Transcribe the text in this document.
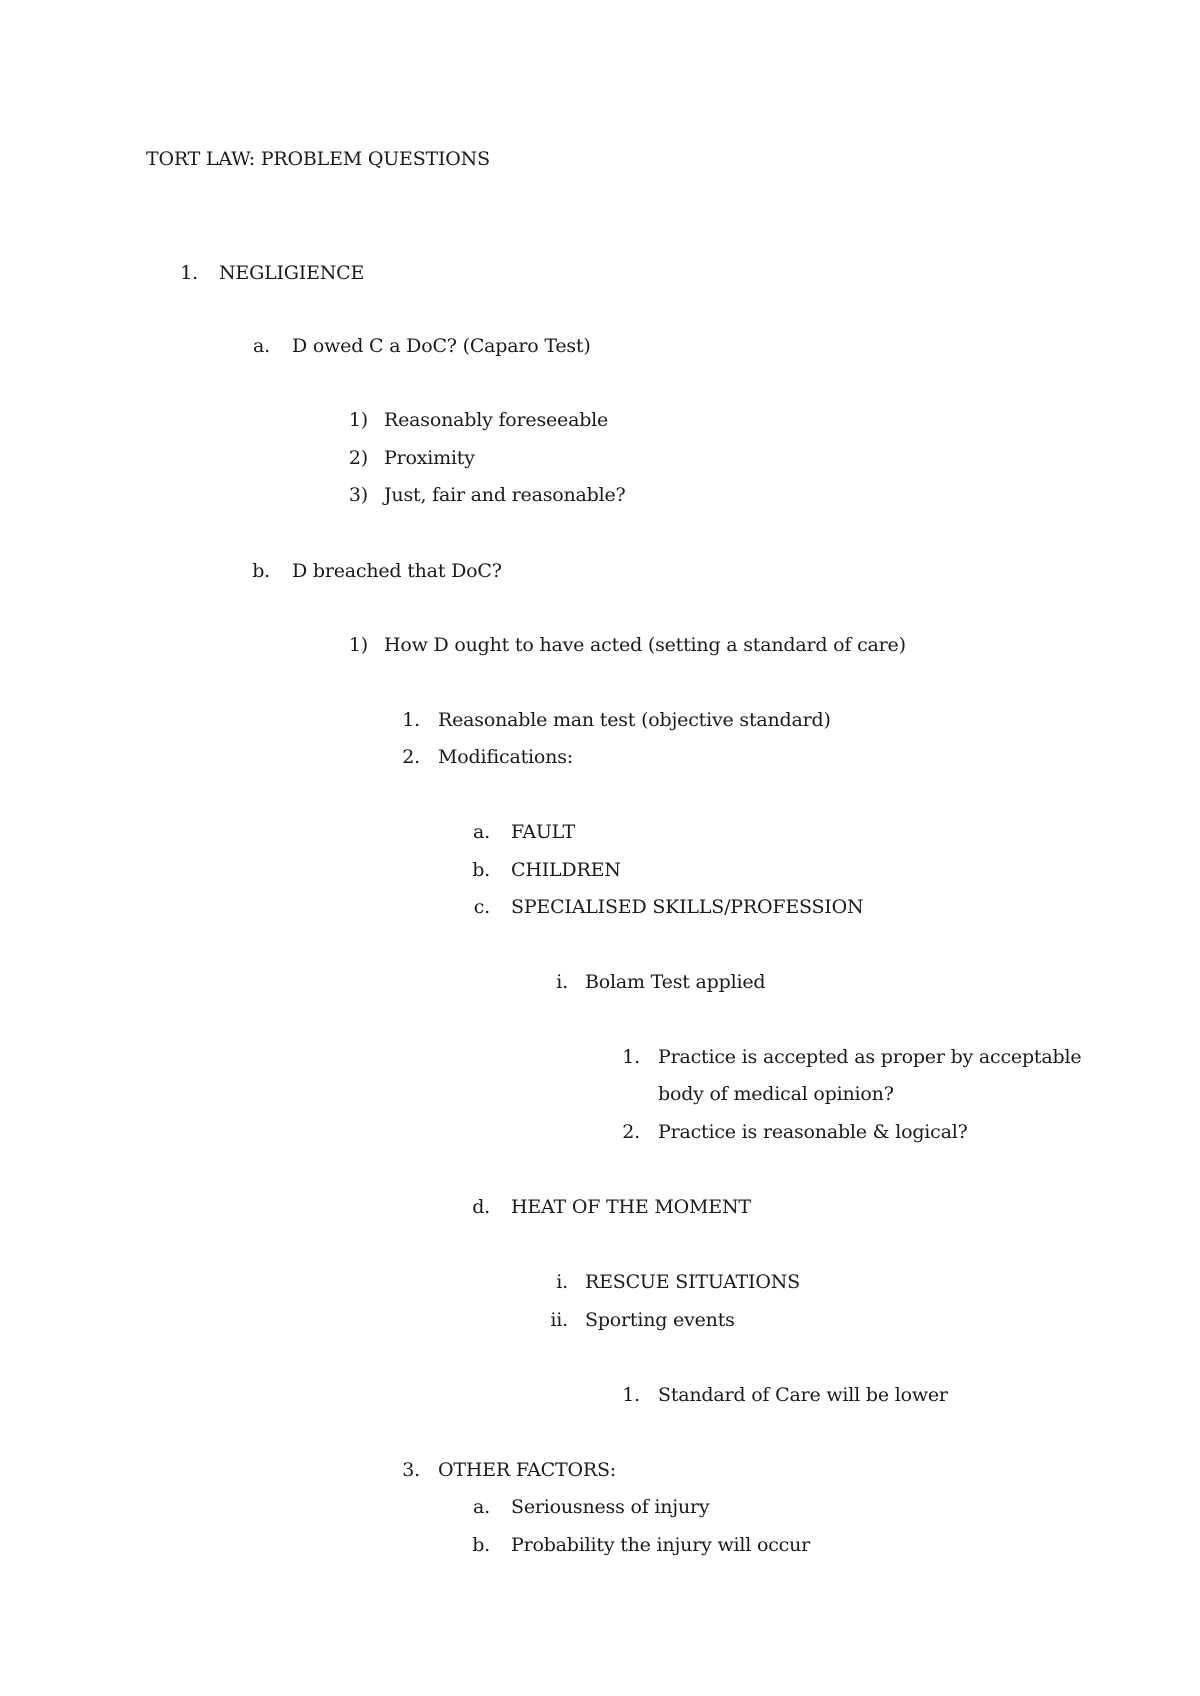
TORT LAW: PROBLEM QUESTIONS
1. NEGLIGIENCE
a. D owed C a DoC? (Caparo Test)
1) Reasonably foreseeable
2) Proximity
3) Just, fair and reasonable?
b. D breached that DoC?
1) How D ought to have acted (setting a standard of care)
1. Reasonable man test (objective standard)
2. Modifications:
a. FAULT
b. CHILDREN
c. SPECIALISED SKILLS/PROFESSION
i. Bolam Test applied
1. Practice is accepted as proper by acceptable
body of medical opinion?
2. Practice is reasonable & logical?
d. HEAT OF THE MOMENT
i. RESCUE SITUATIONS
ii. Sporting events
1. Standard of Care will be lower
3. OTHER FACTORS:
a. Seriousness of injury
b. Probability the injury will occur
